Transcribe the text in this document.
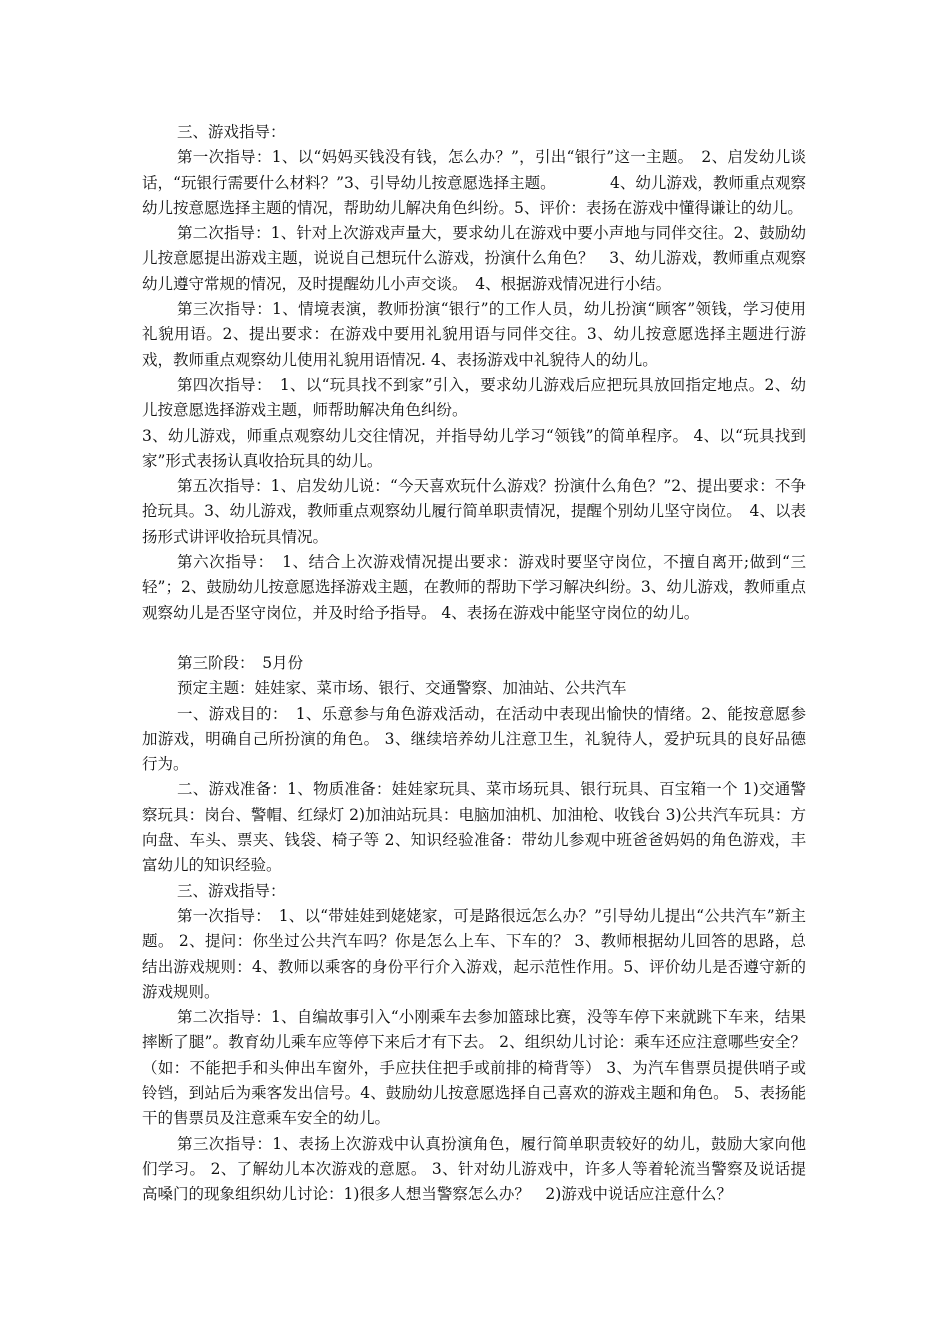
三、游戏指导：

第一次指导：1、以“妈妈买钱没有钱，怎么办？”，引出“银行”这一主题。　2、启发幼儿谈话，“玩银行需要什么材料？”3、引导幼儿按意愿选择主题。　　　　4、幼儿游戏，教师重点观察幼儿按意愿选择主题的情况，帮助幼儿解决角色纠纷。5、评价：表扬在游戏中懂得谦让的幼儿。

第二次指导：1、针对上次游戏声量大，要求幼儿在游戏中要小声地与同伴交往。2、鼓励幼儿按意愿提出游戏主题，说说自己想玩什么游戏，扮演什么角色？　3、幼儿游戏，教师重点观察幼儿遵守常规的情况，及时提醒幼儿小声交谈。　4、根据游戏情况进行小结。

第三次指导：1、情境表演，教师扮演“银行”的工作人员，幼儿扮演“顾客”领钱，学习使用礼貌用语。2、提出要求：在游戏中要用礼貌用语与同伴交往。3、幼儿按意愿选择主题进行游戏，教师重点观察幼儿使用礼貌用语情况. 4、表扬游戏中礼貌待人的幼儿。

第四次指导：　1、以“玩具找不到家”引入，要求幼儿游戏后应把玩具放回指定地点。2、幼儿按意愿选择游戏主题，师帮助解决角色纠纷。

3、幼儿游戏，师重点观察幼儿交往情况，并指导幼儿学习“领钱”的简单程序。 4、以“玩具找到家”形式表扬认真收拾玩具的幼儿。

第五次指导：1、启发幼儿说：“今天喜欢玩什么游戏？扮演什么角色？”2、提出要求：不争抢玩具。3、幼儿游戏，教师重点观察幼儿履行简单职责情况，提醒个别幼儿坚守岗位。　4、以表扬形式讲评收拾玩具情况。

第六次指导：　1、结合上次游戏情况提出要求：游戏时要坚守岗位，不擅自离开;做到“三轻”；2、鼓励幼儿按意愿选择游戏主题，在教师的帮助下学习解决纠纷。3、幼儿游戏，教师重点观察幼儿是否坚守岗位，并及时给予指导。 4、表扬在游戏中能坚守岗位的幼儿。

第三阶段：　5月份

预定主题：娃娃家、菜市场、银行、交通警察、加油站、公共汽车

一、游戏目的：　1、乐意参与角色游戏活动，在活动中表现出愉快的情绪。2、能按意愿参加游戏，明确自己所扮演的角色。 3、继续培养幼儿注意卫生，礼貌待人，爱护玩具的良好品德行为。

二、游戏准备：1、物质准备：娃娃家玩具、菜市场玩具、银行玩具、百宝箱一个 1)交通警察玩具：岗台、警帽、红绿灯 2)加油站玩具：电脑加油机、加油枪、收钱台 3)公共汽车玩具：方向盘、车头、票夹、钱袋、椅子等 2、知识经验准备：带幼儿参观中班爸爸妈妈的角色游戏，丰富幼儿的知识经验。

三、游戏指导：

第一次指导：　1、以“带娃娃到姥姥家，可是路很远怎么办？”引导幼儿提出“公共汽车”新主题。 2、提问：你坐过公共汽车吗？你是怎么上车、下车的？ 3、教师根据幼儿回答的思路，总结出游戏规则：4、教师以乘客的身份平行介入游戏，起示范性作用。5、评价幼儿是否遵守新的游戏规则。

第二次指导：1、自编故事引入“小刚乘车去参加篮球比赛，没等车停下来就跳下车来，结果摔断了腿”。教育幼儿乘车应等停下来后才有下去。 2、组织幼儿讨论：乘车还应注意哪些安全？（如：不能把手和头伸出车窗外，手应扶住把手或前排的椅背等） 3、为汽车售票员提供哨子或铃铛，到站后为乘客发出信号。4、鼓励幼儿按意愿选择自己喜欢的游戏主题和角色。 5、表扬能干的售票员及注意乘车安全的幼儿。

第三次指导：1、表扬上次游戏中认真扮演角色，履行简单职责较好的幼儿，鼓励大家向他们学习。 2、了解幼儿本次游戏的意愿。 3、针对幼儿游戏中，许多人等着轮流当警察及说话提高嗓门的现象组织幼儿讨论：1)很多人想当警察怎么办？　2)游戏中说话应注意什么？
